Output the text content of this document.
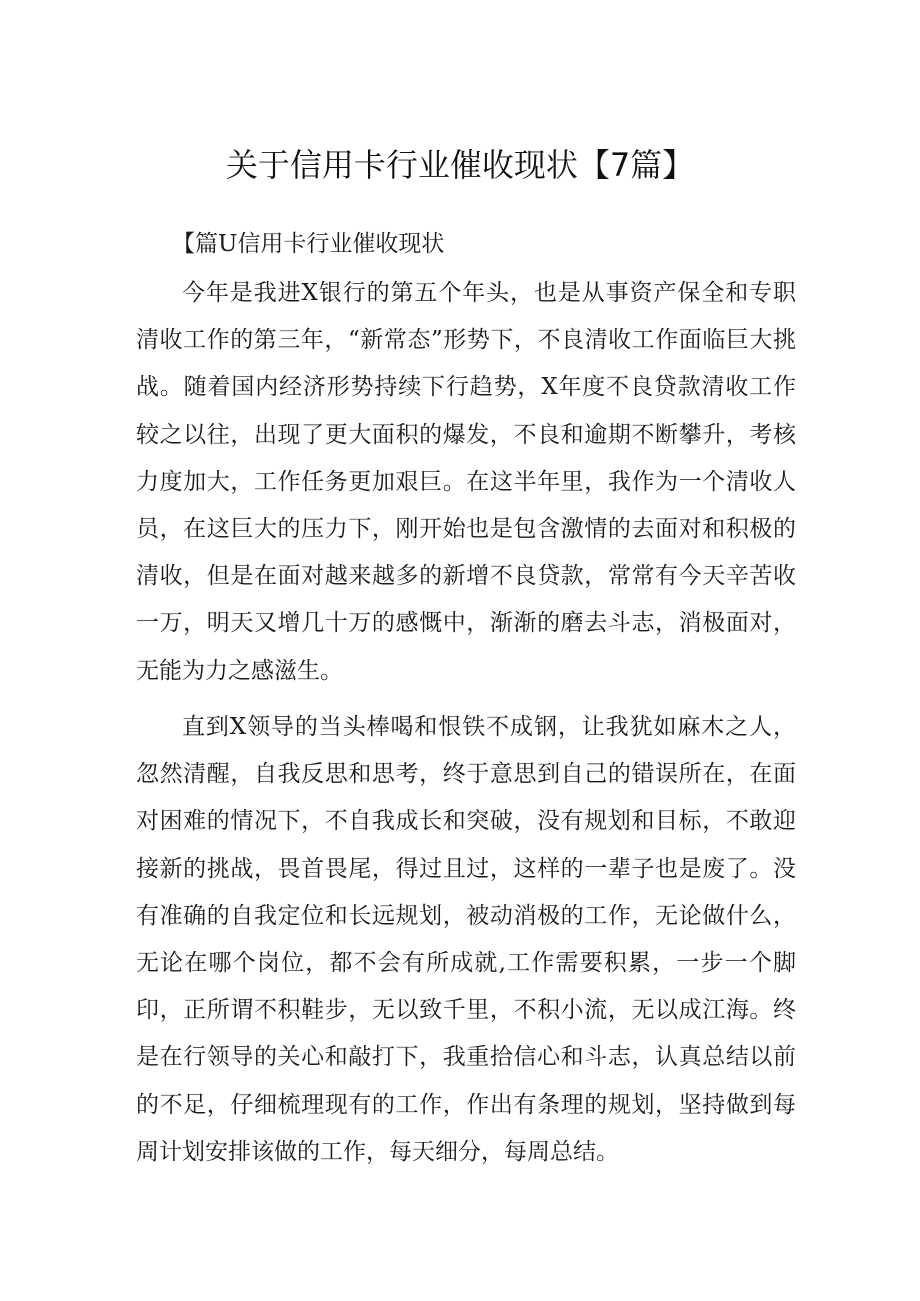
关于信用卡行业催收现状【7篇】
【篇U信用卡行业催收现状

今年是我进X银行的第五个年头，也是从事资产保全和专职清收工作的第三年，“新常态”形势下，不良清收工作面临巨大挑战。随着国内经济形势持续下行趋势，X年度不良贷款清收工作较之以往，出现了更大面积的爆发，不良和逾期不断攀升，考核力度加大，工作任务更加艰巨。在这半年里，我作为一个清收人员，在这巨大的压力下，刚开始也是包含激情的去面对和积极的清收，但是在面对越来越多的新增不良贷款，常常有今天辛苦收一万，明天又增几十万的感慨中，渐渐的磨去斗志，消极面对，无能为力之感滋生。

直到X领导的当头棒喝和恨铁不成钢，让我犹如麻木之人，忽然清醒，自我反思和思考，终于意思到自己的错误所在，在面对困难的情况下，不自我成长和突破，没有规划和目标，不敢迎接新的挑战，畏首畏尾，得过且过，这样的一辈子也是废了。没有准确的自我定位和长远规划，被动消极的工作，无论做什么，无论在哪个岗位，都不会有所成就,工作需要积累，一步一个脚印，正所谓不积鞋步，无以致千里，不积小流，无以成江海。终是在行领导的关心和敲打下，我重拾信心和斗志，认真总结以前的不足，仔细梳理现有的工作，作出有条理的规划，坚持做到每周计划安排该做的工作，每天细分，每周总结。
